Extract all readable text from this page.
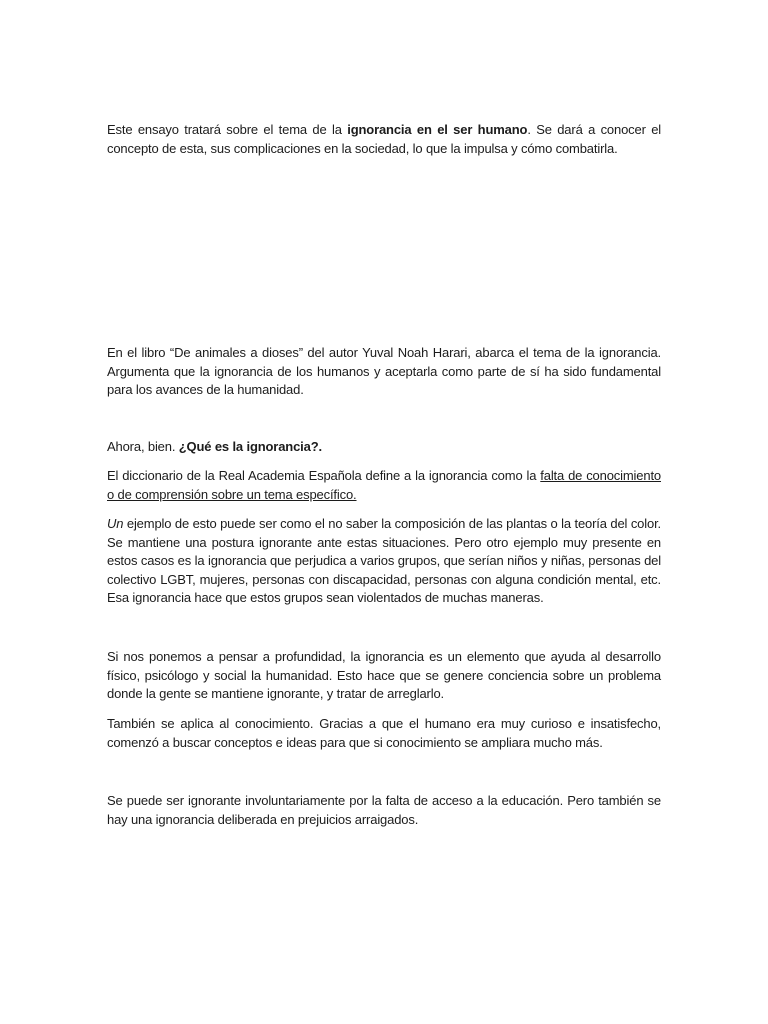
Este ensayo tratará sobre el tema de la ignorancia en el ser humano. Se dará a conocer el concepto de esta, sus complicaciones en la sociedad, lo que la impulsa y cómo combatirla.

En el libro “De animales a dioses” del autor Yuval Noah Harari, abarca el tema de la ignorancia. Argumenta que la ignorancia de los humanos y aceptarla como parte de sí ha sido fundamental para los avances de la humanidad.

Ahora, bien. ¿Qué es la ignorancia?.

El diccionario de la Real Academia Española define a la ignorancia como la falta de conocimiento o de comprensión sobre un tema específico.

Un ejemplo de esto puede ser como el no saber la composición de las plantas o la teoría del color. Se mantiene una postura ignorante ante estas situaciones. Pero otro ejemplo muy presente en estos casos es la ignorancia que perjudica a varios grupos, que serían niños y niñas, personas del colectivo LGBT, mujeres, personas con discapacidad, personas con alguna condición mental, etc. Esa ignorancia hace que estos grupos sean violentados de muchas maneras.

Si nos ponemos a pensar a profundidad, la ignorancia es un elemento que ayuda al desarrollo físico, psicólogo y social la humanidad. Esto hace que se genere conciencia sobre un problema donde la gente se mantiene ignorante, y tratar de arreglarlo.

También se aplica al conocimiento. Gracias a que el humano era muy curioso e insatisfecho, comenzó a buscar conceptos e ideas para que si conocimiento se ampliara mucho más.

Se puede ser ignorante involuntariamente por la falta de acceso a la educación. Pero también se hay una ignorancia deliberada en prejuicios arraigados.
